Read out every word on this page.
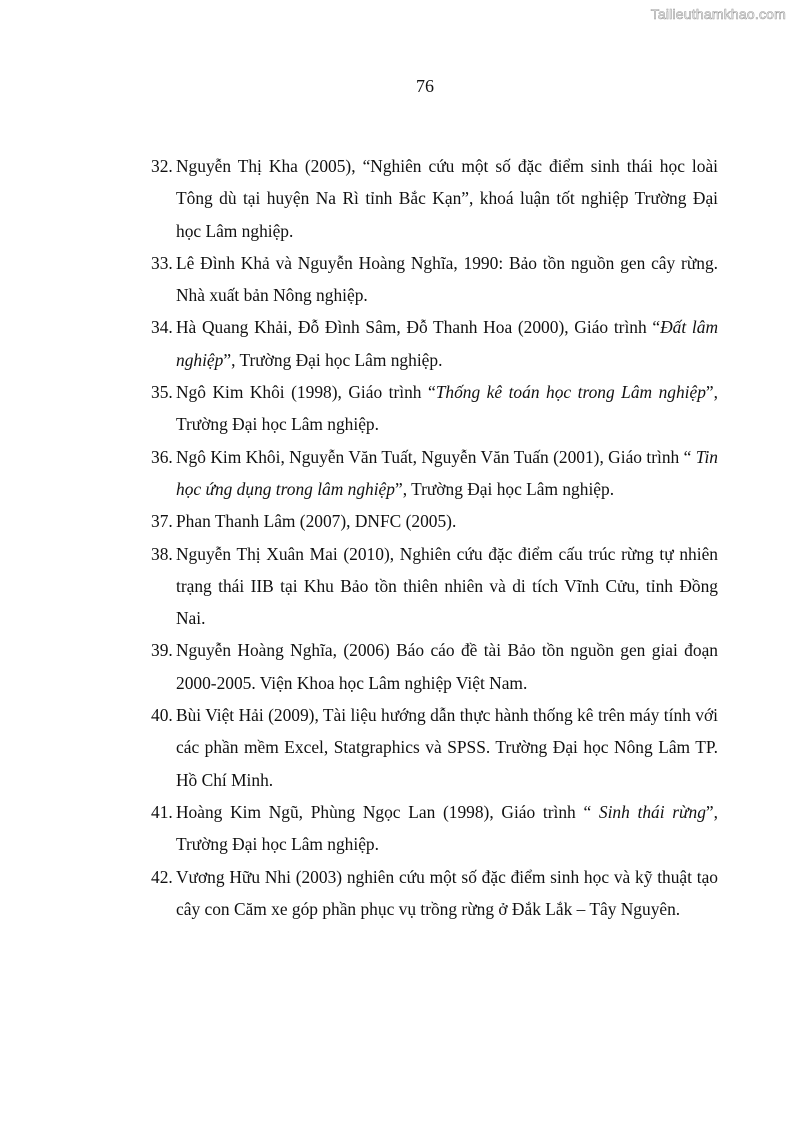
Tailieuthamkhao.com
76
32. Nguyễn Thị Kha (2005), “Nghiên cứu một số đặc điểm sinh thái học loài Tông dù tại huyện Na Rì tỉnh Bắc Kạn”, khoá luận tốt nghiệp Trường Đại học Lâm nghiệp.
33. Lê Đình Khả và Nguyễn Hoàng Nghĩa, 1990: Bảo tồn nguồn gen cây rừng. Nhà xuất bản Nông nghiệp.
34. Hà Quang Khải, Đỗ Đình Sâm, Đỗ Thanh Hoa (2000), Giáo trình “Đất lâm nghiệp”, Trường Đại học Lâm nghiệp.
35. Ngô Kim Khôi (1998), Giáo trình “Thống kê toán học trong Lâm nghiệp”, Trường Đại học Lâm nghiệp.
36. Ngô Kim Khôi, Nguyễn Văn Tuất, Nguyễn Văn Tuấn (2001), Giáo trình “ Tin học ứng dụng trong lâm nghiệp”, Trường Đại học Lâm nghiệp.
37. Phan Thanh Lâm (2007), DNFC (2005).
38. Nguyễn Thị Xuân Mai (2010), Nghiên cứu đặc điểm cấu trúc rừng tự nhiên trạng thái IIB tại Khu Bảo tồn thiên nhiên và di tích Vĩnh Cửu, tỉnh Đồng Nai.
39. Nguyễn Hoàng Nghĩa, (2006) Báo cáo đề tài Bảo tồn nguồn gen giai đoạn 2000-2005. Viện Khoa học Lâm nghiệp Việt Nam.
40. Bùi Việt Hải (2009), Tài liệu hướng dẫn thực hành thống kê trên máy tính với các phần mềm Excel, Statgraphics và SPSS. Trường Đại học Nông Lâm TP. Hồ Chí Minh.
41. Hoàng Kim Ngũ, Phùng Ngọc Lan (1998), Giáo trình “ Sinh thái rừng”, Trường Đại học Lâm nghiệp.
42. Vương Hữu Nhi (2003) nghiên cứu một số đặc điểm sinh học và kỹ thuật tạo cây con Căm xe góp phần phục vụ trồng rừng ở Đắk Lắk – Tây Nguyên.
